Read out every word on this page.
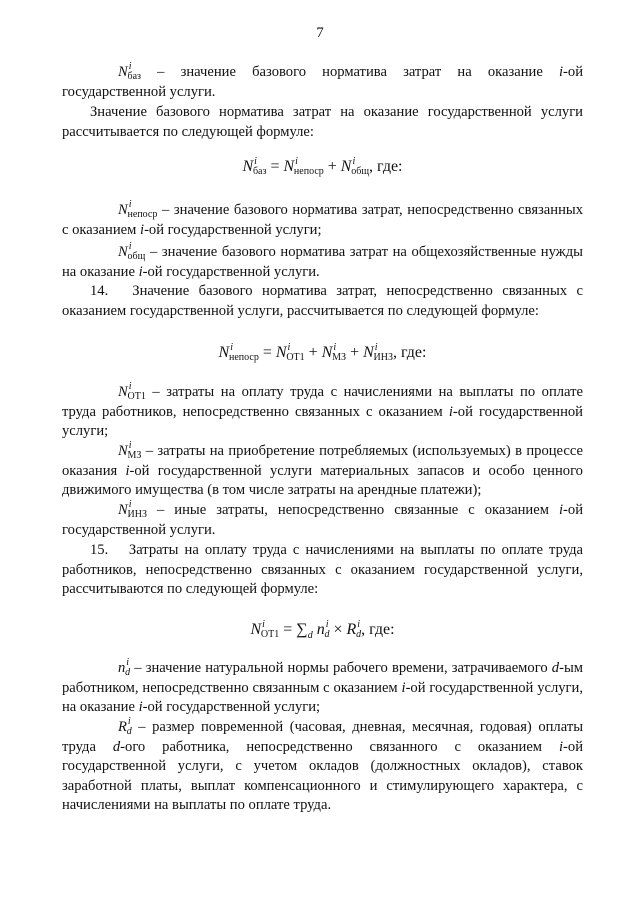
7

$N^i_{баз}$ – значение базового норматива затрат на оказание i-ой государственной услуги.

Значение базового норматива затрат на оказание государственной услуги рассчитывается по следующей формуле:

$N^i_{баз} = N^i_{непоср} + N^i_{общ}$, где:

$N^i_{непоср}$ – значение базового норматива затрат, непосредственно связанных с оказанием i-ой государственной услуги;

$N^i_{общ}$ – значение базового норматива затрат на общехозяйственные нужды на оказание i-ой государственной услуги.

14.  Значение базового норматива затрат, непосредственно связанных с оказанием государственной услуги, рассчитывается по следующей формуле:

$N^i_{непоср} = N^i_{ОТ1} + N^i_{МЗ} + N^i_{ИНЗ}$, где:

$N^i_{ОТ1}$ – затраты на оплату труда с начислениями на выплаты по оплате труда работников, непосредственно связанных с оказанием i-ой государственной услуги;

$N^i_{МЗ}$ – затраты на приобретение потребляемых (используемых) в процессе оказания i-ой государственной услуги материальных запасов и особо ценного движимого имущества (в том числе затраты на арендные платежи);

$N^i_{ИНЗ}$ – иные затраты, непосредственно связанные с оказанием i-ой государственной услуги.

15.  Затраты на оплату труда с начислениями на выплаты по оплате труда работников, непосредственно связанных с оказанием государственной услуги, рассчитываются по следующей формуле:

$N^i_{ОТ1} = \sum_d$ $n^i_d \times R^i_d$, где:

$n^i_d$ – значение натуральной нормы рабочего времени, затрачиваемого d-ым работником, непосредственно связанным с оказанием i-ой государственной услуги, на оказание i-ой государственной услуги;

$R^i_d$ – размер повременной (часовая, дневная, месячная, годовая) оплаты труда d-ого работника, непосредственно связанного с оказанием i-ой государственной услуги, с учетом окладов (должностных окладов), ставок заработной платы, выплат компенсационного и стимулирующего характера, с начислениями на выплаты по оплате труда.
